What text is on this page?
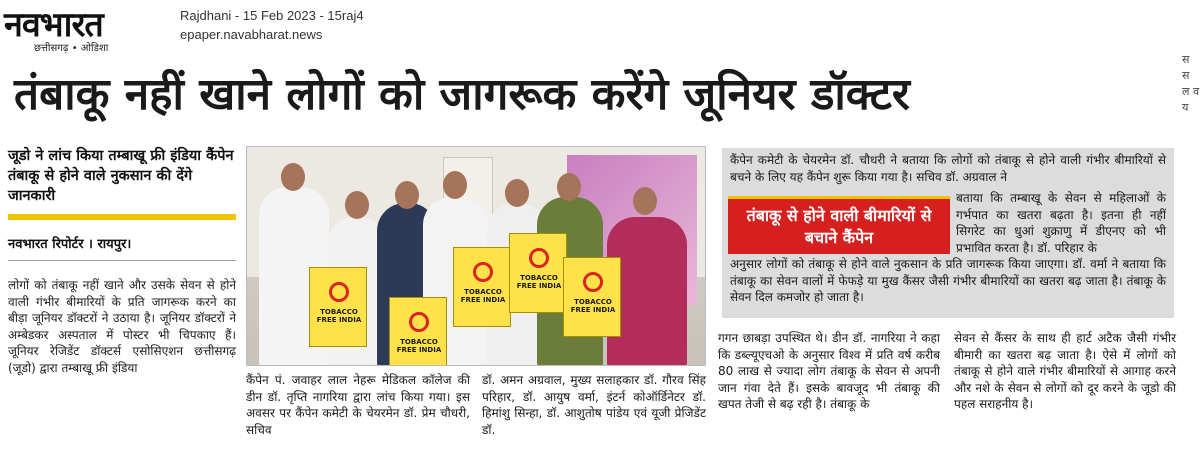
नवभारत
छत्तीसगढ़ • ओडिशा
Rajdhani - 15 Feb 2023 - 15raj4
epaper.navabharat.news
स स ल व य
तंबाकू नहीं खाने लोगों को जागरूक करेंगे जूनियर डॉक्टर
जूडो ने लांच किया तम्बाखू फ्री इंडिया कैंपेन तंबाकू से होने वाले नुकसान की देंगे जानकारी
नवभारत रिपोर्टर । रायपुर।
लोगों को तंबाकू नहीं खाने और उसके सेवन से होने वाली गंभीर बीमारियों के प्रति जागरूक करने का बीड़ा जूनियर डॉक्टरों ने उठाया है। जूनियर डॉक्टरों ने अम्बेडकर अस्पताल में पोस्टर भी चिपकाए हैं। जूनियर रेजिडेंट डॉक्टर्स एसोसिएशन छत्तीसगढ़ (जूडो) द्वारा तम्बाखू फ्री इंडिया
TOBACCO FREE INDIA
TOBACCO FREE INDIA
TOBACCO FREE INDIA
TOBACCO FREE INDIA
TOBACCO FREE INDIA
कैंपेन पं. जवाहर लाल नेहरू मेडिकल कॉलेज की डीन डॉ. तृप्ति नागरिया द्वारा लांच किया गया। इस अवसर पर कैंपेन कमेटी के चेयरमेन डॉ. प्रेम चौधरी, सचिव
डॉ. अमन अग्रवाल, मुख्य सलाहकार डॉ. गौरव सिंह परिहार, डॉ. आयुष वर्मा, इंटर्न कोऑर्डिनेटर डॉ. हिमांशु सिन्हा, डॉ. आशुतोष पांडेय एवं यूजी प्रेजिडेंट डॉ.
कैंपेन कमेटी के चेयरमेन डॉ. चौधरी ने बताया कि लोगों को तंबाकू से होने वाली गंभीर बीमारियों से बचने के लिए यह कैंपेन शुरू किया गया है। सचिव डॉ. अग्रवाल ने
तंबाकू से होने वाली बीमारियों से बचाने कैंपेन
बताया कि तम्बाखू के सेवन से महिलाओं के गर्भपात का खतरा बढ़ता है। इतना ही नहीं सिगरेट का धुआं शुक्राणु में डीएनए को भी प्रभावित करता है। डॉ. परिहार के
अनुसार लोगों को तंबाकू से होने वाले नुकसान के प्रति जागरूक किया जाएगा। डॉ. वर्मा ने बताया कि तंबाकू का सेवन वालों में फेफड़े या मुख कैंसर जैसी गंभीर बीमारियों का खतरा बढ़ जाता है। तंबाकू के सेवन दिल कमजोर हो जाता है।
गगन छाबड़ा उपस्थित थे। डीन डॉ. नागरिया ने कहा कि डब्ल्यूएचओ के अनुसार विश्व में प्रति वर्ष करीब 80 लाख से ज्यादा लोग तंबाकू के सेवन से अपनी जान गंवा देते हैं। इसके बावजूद भी तंबाकू की खपत तेजी से बढ़ रही है। तंबाकू के
सेवन से कैंसर के साथ ही हार्ट अटैक जैसी गंभीर बीमारी का खतरा बढ़ जाता है। ऐसे में लोगों को तंबाकू से होने वाले गंभीर बीमारियों से आगाह करने और नशे के सेवन से लोगों को दूर करने के जूडो की पहल सराहनीय है।
